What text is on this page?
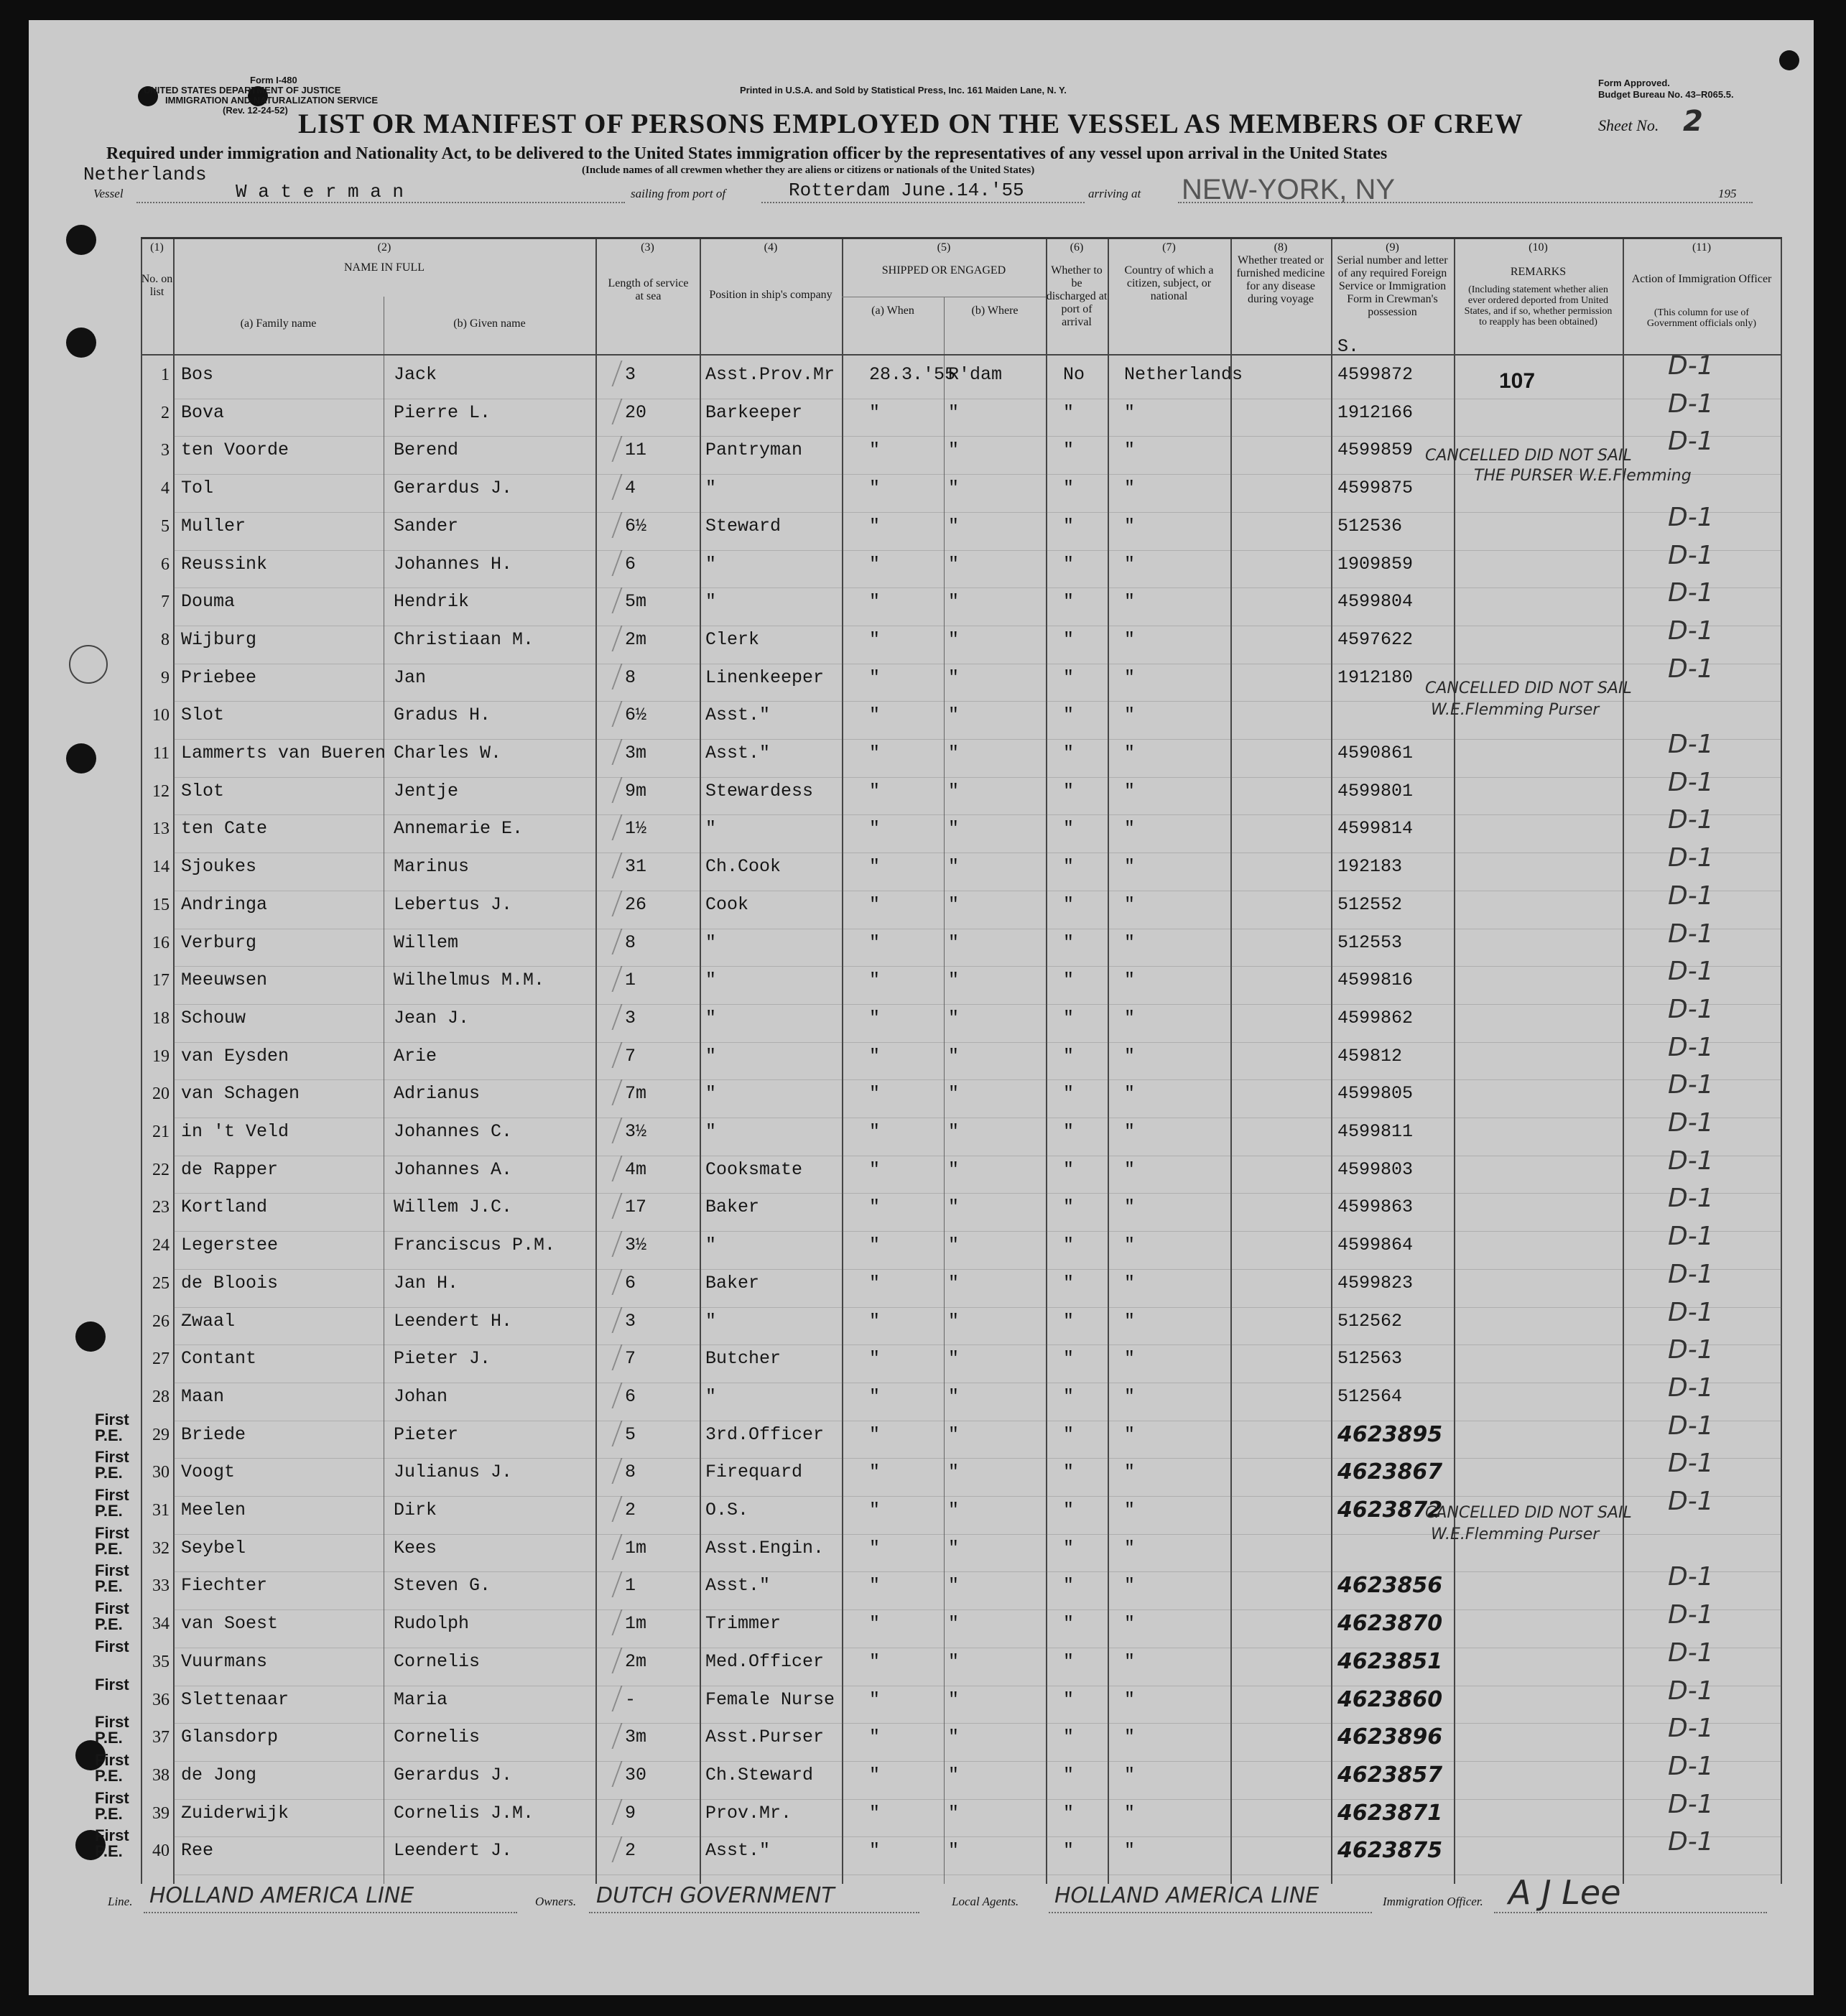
Form I-480
UNITED STATES DEPARTMENT OF JUSTICE
IMMIGRATION AND NATURALIZATION SERVICE
(Rev. 12-24-52)
Printed in U.S.A. and Sold by Statistical Press, Inc. 161 Maiden Lane, N. Y.
Form Approved.
Budget Bureau No. 43–R065.5.
LIST OR MANIFEST OF PERSONS EMPLOYED ON THE VESSEL AS MEMBERS OF CREW	Sheet No. 2
Required under immigration and Nationality Act, to be delivered to the United States immigration officer by the representatives of any vessel upon arrival in the United States
(Include names of all crewmen whether they are aliens or citizens or nationals of the United States)
Netherlands
Vessel	W a t e r m a n	sailing from port of	Rotterdam June.14.'55	arriving at NEW-YORK, NY	195
(1)
No. on list
(2)
NAME IN FULL
(a) Family name	(b) Given name
(3)
Length of service at sea
(4)
Position in ship's company
(5)
SHIPPED OR ENGAGED
(a) When	(b) Where
(6)
Whether to be discharged at port of arrival
(7)
Country of which a citizen, subject, or national
(8)
Whether treated or furnished medicine for any disease during voyage
(9)
Serial number and letter of any required Foreign Service or Immigration Form in Crewman's possession
S.
(10)
REMARKS
(Including statement whether alien ever ordered deported from United States, and if so, whether permission to reapply has been obtained)
(11)
Action of Immigration Officer
(This column for use of Government officials only)
1 Bos	Jack	3	Asst.Prov.Mr 28.3.'55
R'dam	No Netherlands	4599872	D-1
2 Bova	Pierre L.	20	Barkeeper	"	"	"	"	1912166	D-1
3 ten Voorde	Berend	11	Pantryman	"	"	"	"	4599859	D-1
4 Tol	Gerardus J.	4	"	"	"	"	"	4599875
5 Muller	Sander	6½	Steward	"	"	"	"	512536	D-1
6 Reussink	Johannes H.	6	"	"	"	"	"	1909859	D-1
7 Douma	Hendrik	5m	"	"	"	"	"	4599804	D-1
8 Wijburg	Christiaan M.	2m	Clerk	"	"	"	"	4597622	D-1
9 Priebee	Jan	8	Linenkeeper	"	"	"	"	1912180	D-1
10 Slot	Gradus H.	6½	Asst."	"	"	"	"
11 Lammerts van Bueren Charles W.	3m	Asst."	"	"	"	"	4590861	D-1
12 Slot	Jentje	9m	Stewardess	"	"	"	"	4599801	D-1
13 ten Cate	Annemarie E.	1½	"	"	"	"	"	4599814	D-1
14 Sjoukes	Marinus	31	Ch.Cook	"	"	"	"	192183	D-1
15 Andringa	Lebertus J.	26	Cook	"	"	"	"	512552	D-1
16 Verburg	Willem	8	"	"	"	"	"	512553	D-1
17 Meeuwsen	Wilhelmus M.M.	1	"	"	"	"	"	4599816	D-1
18 Schouw	Jean J.	3	"	"	"	"	"	4599862	D-1
19 van Eysden	Arie	7	"	"	"	"	"	459812	D-1
20 van Schagen	Adrianus	7m	"	"	"	"	"	4599805	D-1
21 in 't Veld	Johannes C.	3½	"	"	"	"	"	4599811	D-1
22 de Rapper	Johannes A.	4m	Cooksmate	"	"	"	"	4599803	D-1
23 Kortland	Willem J.C.	17	Baker	"	"	"	"	4599863	D-1
24 Legerstee	Franciscus P.M.	3½	"	"	"	"	"	4599864	D-1
25 de Bloois	Jan H.	6	Baker	"	"	"	"	4599823	D-1
26 Zwaal	Leendert H.	3	"	"	"	"	"	512562	D-1
27 Contant	Pieter J.	7	Butcher	"	"	"	"	512563	D-1
28 Maan	Johan	6	"	"	"	"	"	512564	D-1
First P.E.	29 Briede	Pieter	5	3rd.Officer	"	"	"	"	4623895	D-1
First P.E.	30 Voogt	Julianus J.	8	Firequard	"	"	"	"	4623867	D-1
First P.E.	31 Meelen	Dirk	2	O.S.	"	"	"	"	4623872	D-1
First P.E.	32 Seybel	Kees	1m	Asst.Engin.	"	"	"	"
First P.E.	33 Fiechter	Steven G.	1	Asst."	"	"	"	"	4623856	D-1
First P.E.	34 van Soest	Rudolph	1m	Trimmer	"	"	"	"	4623870	D-1
First
35 Vuurmans	Cornelis	2m	Med.Officer	"	"	"	"	4623851	D-1
First
36 Slettenaar	Maria	-	Female Nurse "	"	"	"	4623860	D-1
First P.E.	37 Glansdorp	Cornelis	3m	Asst.Purser	"	"	"	"	4623896	D-1
First P.E.	38 de Jong	Gerardus J.	30	Ch.Steward	"	"	"	"	4623857	D-1
First P.E.	39 Zuiderwijk	Cornelis J.M.	9	Prov.Mr.	"	"	"	"	4623871	D-1
First P.E.	40 Ree	Leendert J.	2	Asst."	"	"	"	"	4623875	D-1
107
CANCELLED DID NOT SAIL
THE PURSER W.E.Flemming
CANCELLED DID NOT SAIL
W.E.Flemming Purser
CANCELLED DID NOT SAIL
W.E.Flemming Purser
Line. HOLLAND AMERICA LINE	Owners. DUTCH GOVERNMENT	Local Agents. HOLLAND AMERICA LINE	Immigration Officer. A J Lee
